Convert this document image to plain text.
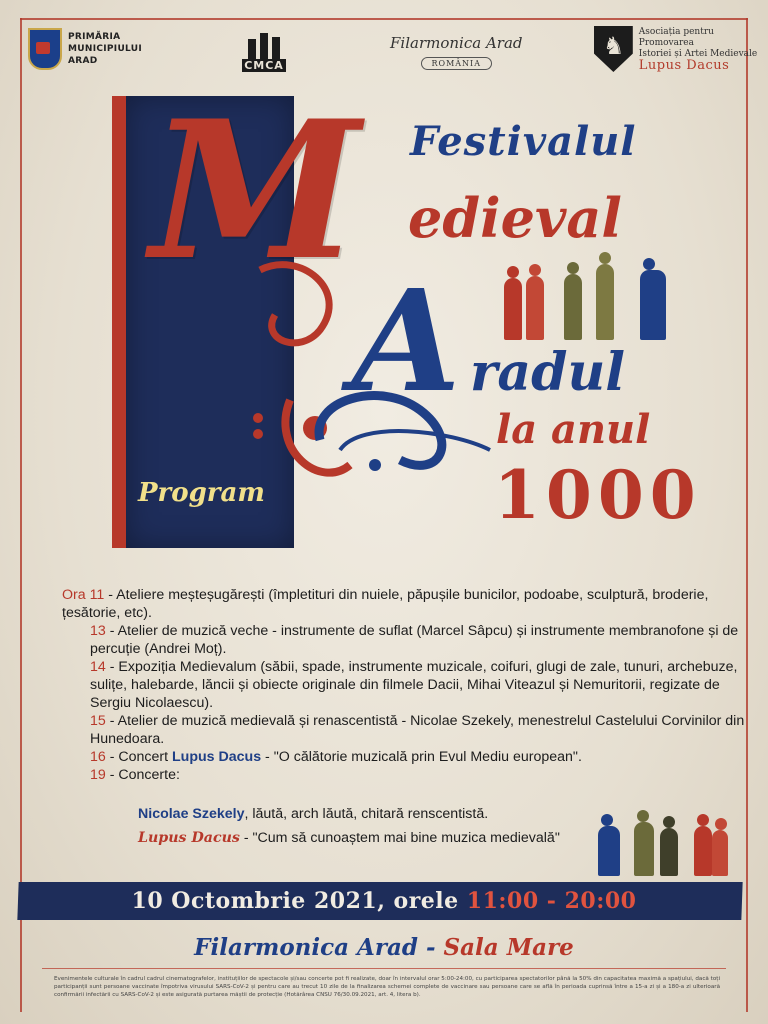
PRIMĂRIA
MUNICIPIULUI
ARAD	CMCA
Filarmonica Arad
ROMÂNIA
♞
Asociația pentru Promovarea
Istoriei și Artei Medievale
Lupus Dacus
M Festivalul
edieval
A radul
la anul
1000
Program

Ora 11 - Ateliere meșteșugărești (împletituri din nuiele, păpușile bunicilor, podoabe, sculptură, broderie, țesătorie, etc).

13 - Atelier de muzică veche - instrumente de suflat (Marcel Sâpcu) și instrumente membranofone și de percuție (Andrei Moț).

14 - Expoziția Medievalum (săbii, spade, instrumente muzicale, coifuri, glugi de zale, tunuri, archebuze, sulițe, halebarde, lăncii și obiecte originale din filmele Dacii, Mihai Viteazul și Nemuritorii, regizate de Sergiu Nicolaescu).

15 - Atelier de muzică medievală și renascentistă - Nicolae Szekely, menestrelul Castelului Corvinilor din Hunedoara.

16 - Concert Lupus Dacus - "O călătorie muzicală prin Evul Mediu european".

19 - Concerte:

Nicolae Szekely, lăută, arch lăută, chitară renscentistă.
Lupus Dacus - "Cum să cunoaștem mai bine muzica medievală"
10 Octombrie 2021, orele 11:00 - 20:00
Filarmonica Arad - Sala Mare
Evenimentele culturale în cadrul cadrul cinematografelor, instituțiilor de spectacole și/sau concerte pot fi realizate, doar în intervalul orar 5:00-24:00, cu participarea spectatorilor până la 50% din capacitatea maximă a spațiului, dacă toți participanții sunt persoane vaccinate împotriva virusului SARS-CoV-2 și pentru care au trecut 10 zile de la finalizarea schemei complete de vaccinare sau persoane care se află în perioada cuprinsă între a 15-a zi și a 180-a zi ulterioară confirmării infectării cu SARS-CoV-2 și este asigurată purtarea măștii de protecție (Hotărârea CNSU 76/30.09.2021, art. 4, litera b).
